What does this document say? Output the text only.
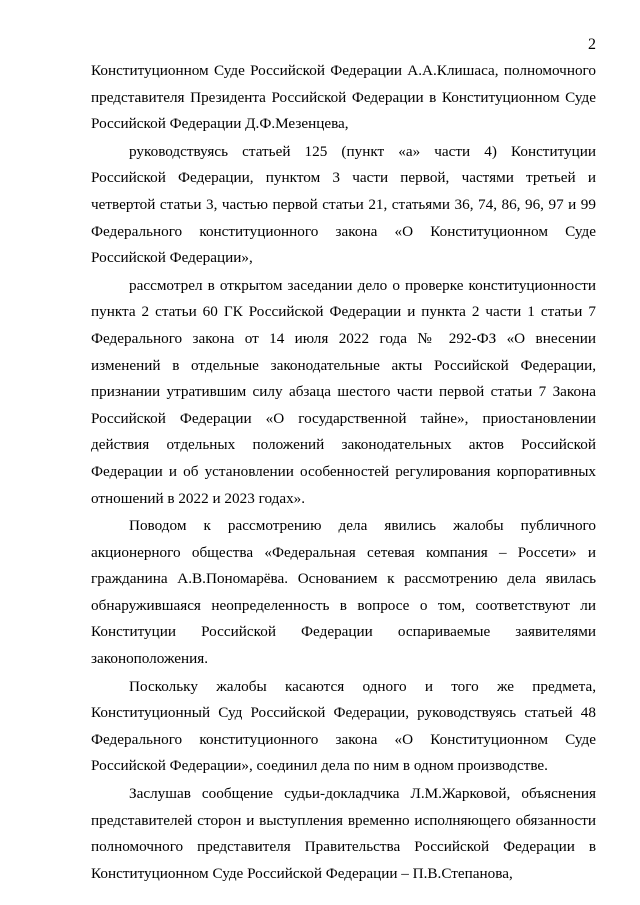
2

Конституционном Суде Российской Федерации А.А.Клишаса, полномочного представителя Президента Российской Федерации в Конституционном Суде Российской Федерации Д.Ф.Мезенцева,

руководствуясь статьей 125 (пункт «а» части 4) Конституции Российской Федерации, пунктом 3 части первой, частями третьей и четвертой статьи 3, частью первой статьи 21, статьями 36, 74, 86, 96, 97 и 99 Федерального конституционного закона «О Конституционном Суде Российской Федерации»,

рассмотрел в открытом заседании дело о проверке конституционности пункта 2 статьи 60 ГК Российской Федерации и пункта 2 части 1 статьи 7 Федерального закона от 14 июля 2022 года № 292-ФЗ «О внесении изменений в отдельные законодательные акты Российской Федерации, признании утратившим силу абзаца шестого части первой статьи 7 Закона Российской Федерации «О государственной тайне», приостановлении действия отдельных положений законодательных актов Российской Федерации и об установлении особенностей регулирования корпоративных отношений в 2022 и 2023 годах».

Поводом к рассмотрению дела явились жалобы публичного акционерного общества «Федеральная сетевая компания – Россети» и гражданина А.В.Пономарёва. Основанием к рассмотрению дела явилась обнаружившаяся неопределенность в вопросе о том, соответствуют ли Конституции Российской Федерации оспариваемые заявителями законоположения.

Поскольку жалобы касаются одного и того же предмета, Конституционный Суд Российской Федерации, руководствуясь статьей 48 Федерального конституционного закона «О Конституционном Суде Российской Федерации», соединил дела по ним в одном производстве.

Заслушав сообщение судьи-докладчика Л.М.Жарковой, объяснения представителей сторон и выступления временно исполняющего обязанности полномочного представителя Правительства Российской Федерации в Конституционном Суде Российской Федерации – П.В.Степанова,
